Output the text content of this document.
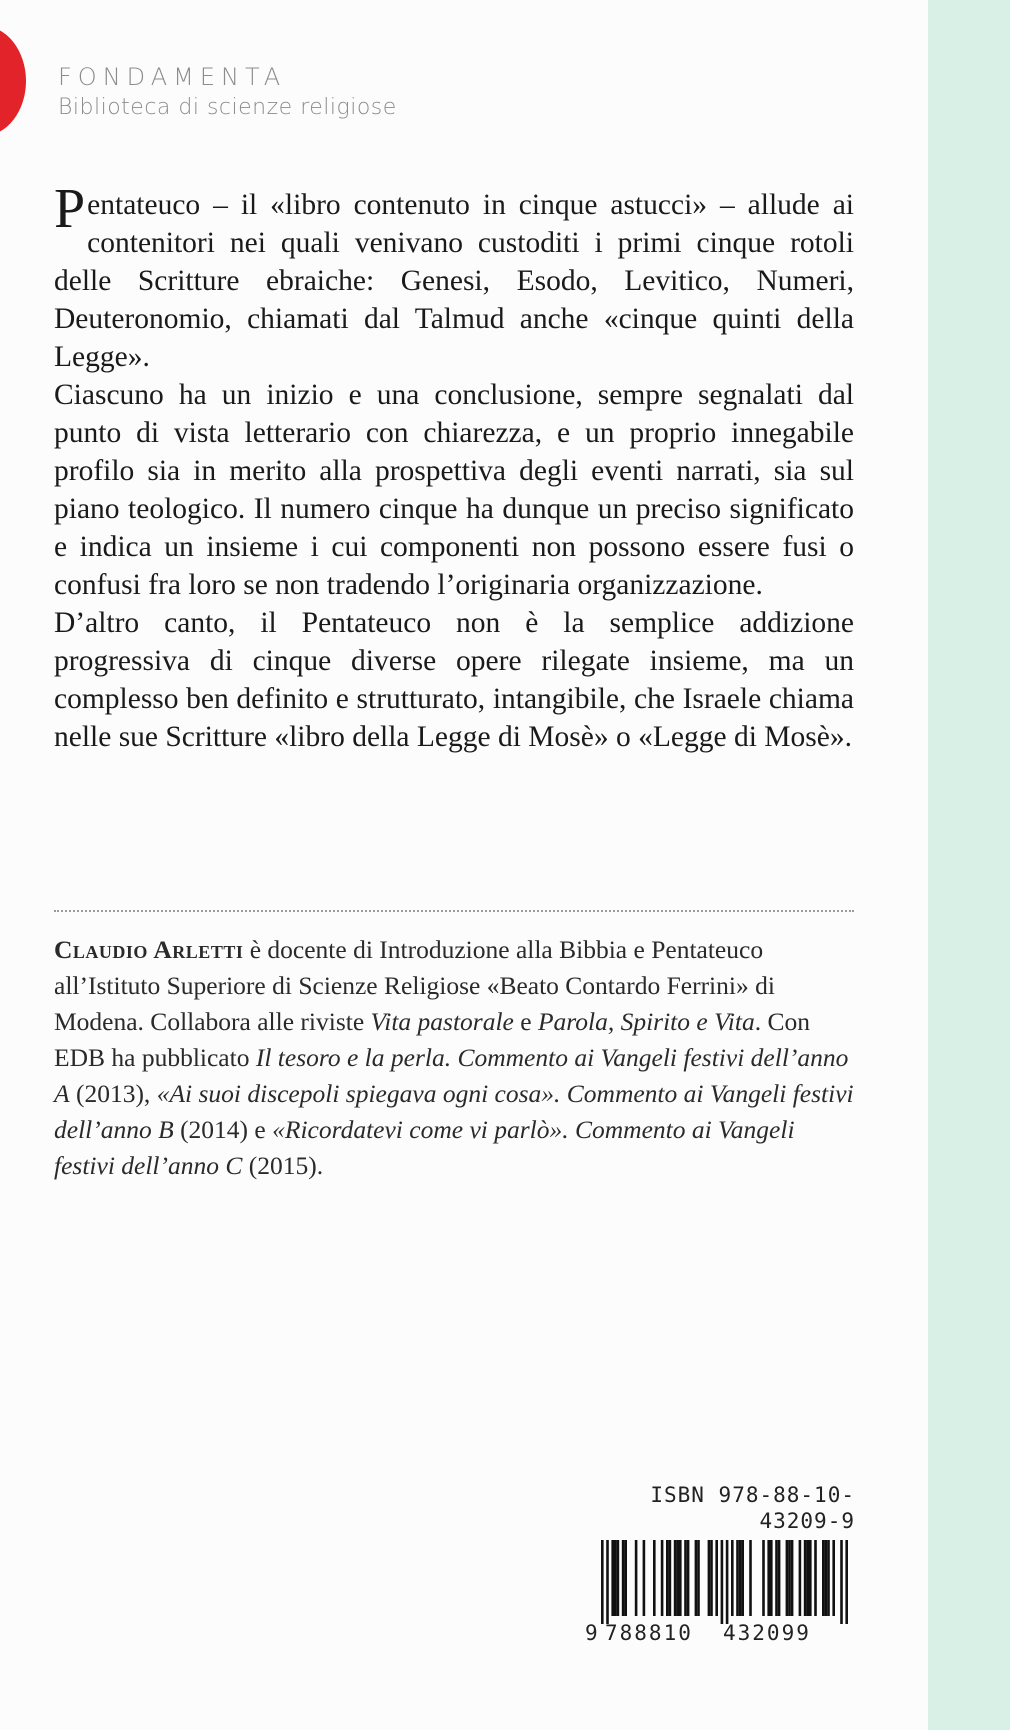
FONDAMENTA
Biblioteca di scienze religiose

Pentateuco – il «libro contenuto in cinque astucci» – allude ai contenitori nei quali venivano custoditi i primi cinque rotoli delle Scritture ebraiche: Genesi, Esodo, Levitico, Numeri, Deuteronomio, chiamati dal Talmud anche «cinque quinti della Legge».

Ciascuno ha un inizio e una conclusione, sempre segnalati dal punto di vista letterario con chiarezza, e un proprio innegabile profilo sia in merito alla prospettiva degli eventi narrati, sia sul piano teologico. Il numero cinque ha dunque un preciso significato e indica un insieme i cui componenti non possono essere fusi o confusi fra loro se non tradendo l’originaria organizzazione.

D’altro canto, il Pentateuco non è la semplice addizione progressiva di cinque diverse opere rilegate insieme, ma un complesso ben definito e strutturato, intangibile, che Israele chiama nelle sue Scritture «libro della Legge di Mosè» o «Legge di Mosè».

Claudio Arletti è docente di Introduzione alla Bibbia e Pentateuco all’Istituto Superiore di Scienze Religiose «Beato Contardo Ferrini» di Modena. Collabora alle riviste Vita pastorale e Parola, Spirito e Vita. Con EDB ha pubblicato Il tesoro e la perla. Commento ai Vangeli festivi dell’anno A (2013), «Ai suoi discepoli spiegava ogni cosa». Commento ai Vangeli festivi dell’anno B (2014) e «Ricordatevi come vi parlò». Commento ai Vangeli festivi dell’anno C (2015).
ISBN 978-88-10-43209-9
9 788810 432099
